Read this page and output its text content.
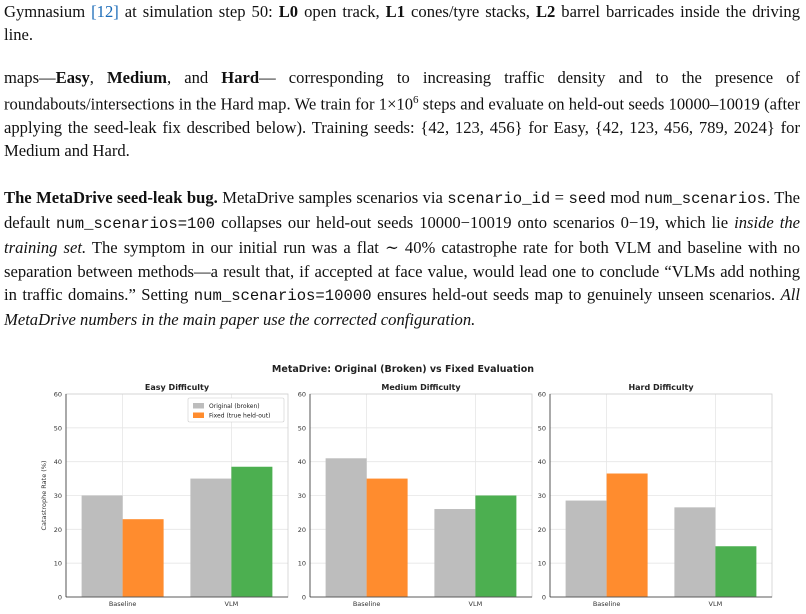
Gymnasium [12] at simulation step 50: L0 open track, L1 cones/tyre stacks, L2 barrel barricades inside the driving line.
maps—Easy, Medium, and Hard— corresponding to increasing traffic density and to the presence of roundabouts/intersections in the Hard map. We train for $1\times 10^6$ steps and evaluate on held-out seeds 10000–10019 (after applying the seed-leak fix described below). Training seeds: {42, 123, 456} for Easy, {42, 123, 456, 789, 2024} for Medium and Hard.
The MetaDrive seed-leak bug. MetaDrive samples scenarios via scenario_id = seed mod num_scenarios. The default num_scenarios=100 collapses our held-out seeds 10000−10019 onto scenarios 0−19, which lie inside the training set. The symptom in our initial run was a flat ∼ 40% catastrophe rate for both VLM and baseline with no separation between methods—a result that, if accepted at face value, would lead one to conclude “VLMs add nothing in traffic domains.” Setting num_scenarios=10000 ensures held-out seeds map to genuinely unseen scenarios. All MetaDrive numbers in the main paper use the corrected configuration.
MetaDrive: Original (Broken) vs Fixed Evaluation
Easy Difficulty
0
10
20
30
40
50
60
Baseline	VLM
Catastrophe Rate (%)
Original (broken)
Fixed (true held-out)
Medium Difficulty
0
10
20
30
40
50
60
Baseline	VLM
Hard Difficulty
0
10
20
30
40
50
60
Baseline	VLM
